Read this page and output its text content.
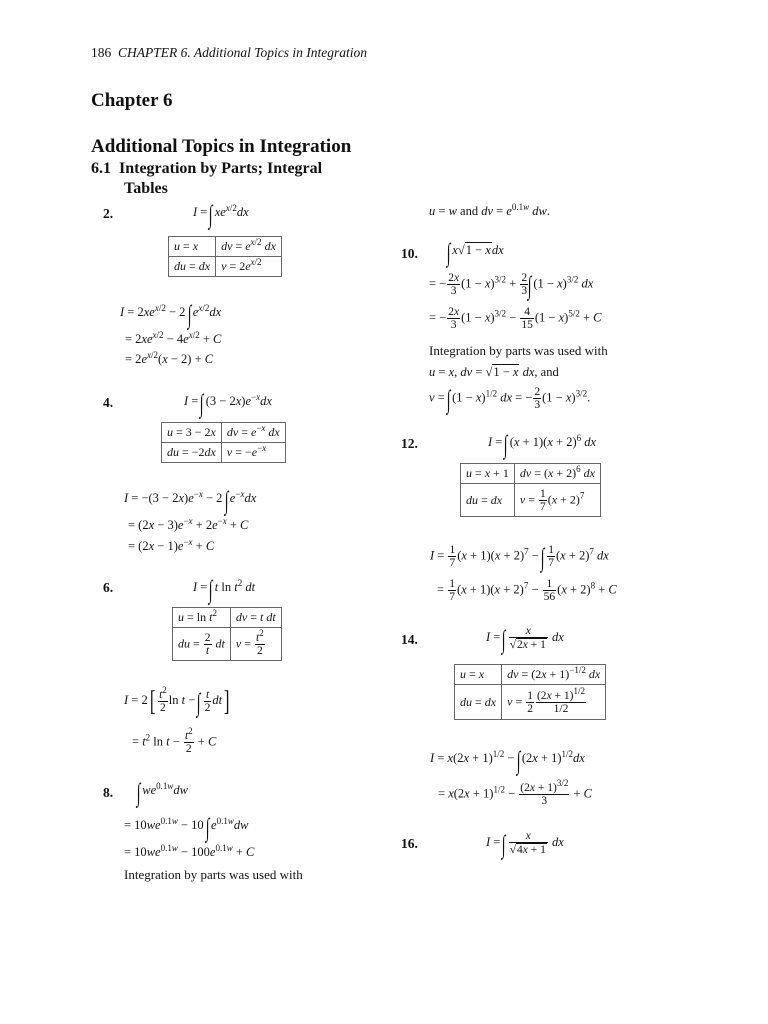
186 CHAPTER 6. Additional Topics in Integration
Chapter 6
Additional Topics in Integration
6.1 Integration by Parts; Integral
Tables
2.	I = ∫ $xe^{x/2}dx$
u = x	dv = $e^{x/2}$ dx
du = dx	$v = 2e^{x/2}$
$I = 2xe^{x/2} - 2$ ∫ $e^{x/2}dx$
= $2xe^{x/2} - 4e^{x/2} + C$
= $2e^{x/2}(x - 2) + C$
4.	I = ∫ $(3 - 2x)e^{-x}dx$
u = 3 − 2x	dv = $e^{-x}$ dx
du = −2dx	$v = -e^{-x}$
$I = -(3 - 2x)e^{-x} - 2$ ∫ $e^{-x}dx$
= $(2x - 3)e^{-x} + 2e^{-x} + C$
= $(2x - 1)e^{-x} + C$
6.	I = ∫ t $\ln t^2$ dt
$u = \ln t^2$	dv = t dt
du = $\frac{2}{t}$ dt	$v = \frac{t^2}{2}$
$I = 2[ \frac{t^2}{2}$ ln t − ∫ $\frac{t}{2} dt$]
= $t^2$ $\ln t - \frac{t^2}{2} + C$
8. ∫ $we^{0.1w}dw$
= $10we^{0.1w} - 10$ ∫ $e^{0.1w}dw$
= $10we^{0.1w} - 100e^{0.1w} + C$
Integration by parts was used with
u = w and dv = $e^{0.1w}$ dw.
10. ∫ x√1 − xdx
= − $\frac{2x}{3} (1 - x)^{3/2} + \frac{2}{3}$ ∫ $(1 - x)^{3/2}$ dx
= − $\frac{2x}{3} (1 - x)^{3/2} - \frac{4}{15} (1 - x)^{5/2} + C$
Integration by parts was used with
u = x, dv = √1 − x dx, and
v = ∫ $(1 - x)^{1/2}$ dx = − $\frac{2}{3} (1 - x)^{3/2}$.
12.	I = ∫ $(x + 1)(x + 2)^6$ dx
u = x + 1	dv = $(x + 2)^6$ dx
du = dx	$v = \frac{1}{7} (x + 2)^7$
$I = \frac{1}{7} (x + 1)(x + 2)^7$ − ∫ $\frac{1}{7} (x + 2)^7$ dx
= $\frac{1}{7} (x + 1)(x + 2)^7 - \frac{1}{56} (x + 2)^8 + C$
14.	I = ∫ $\frac{x}{√2x + 1}$ dx
u = x	dv = $(2x + 1)^{-1/2}$ dx
du = dx	$v = \frac{1}{2} \frac{(2x + 1)^{1/2}}{1/2}$
$I = x(2x + 1)^{1/2}$ − ∫ $(2x + 1)^{1/2}dx$
= $x(2x + 1)^{1/2} - \frac{(2x + 1)^{3/2}}{3} + C$
16.	I = ∫ $\frac{x}{√4x + 1}$ dx
